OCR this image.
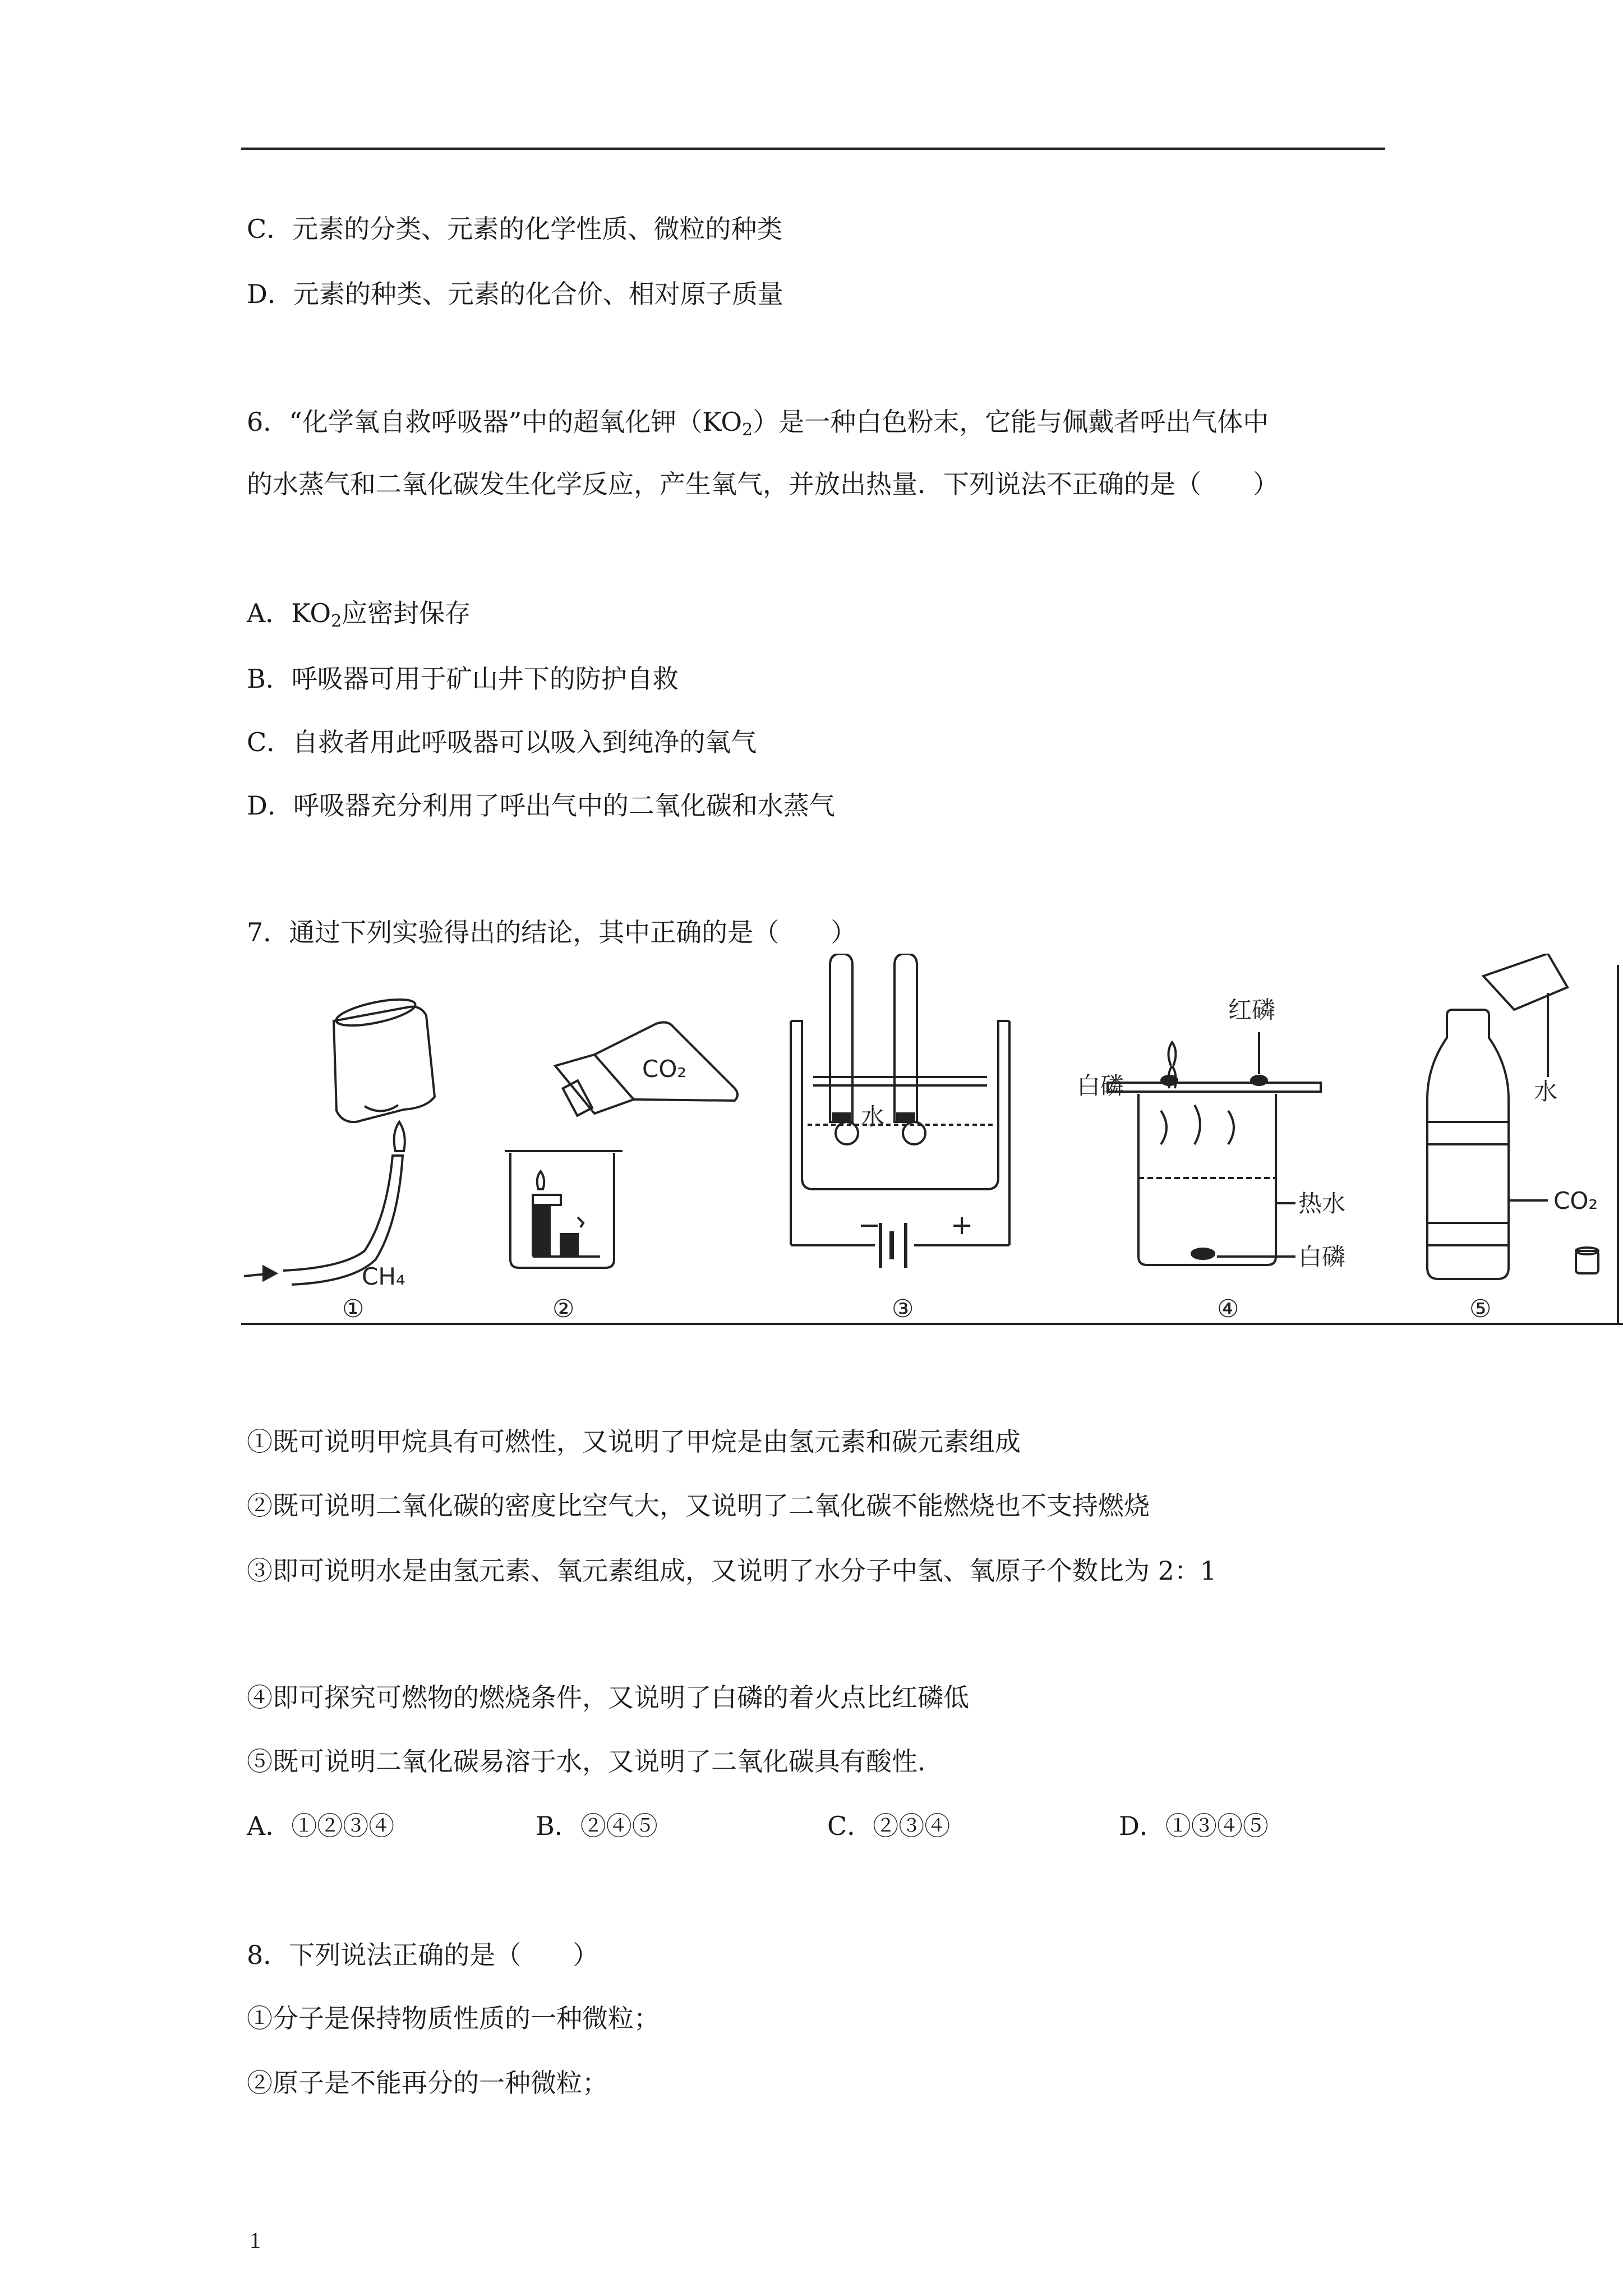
C．元素的分类、元素的化学性质、微粒的种类
D．元素的种类、元素的化合价、相对原子质量
6．“化学氧自救呼吸器”中的超氧化钾$(KO_2)$是一种白色粉末，它能与佩戴者呼出气体中
的水蒸气和二氧化碳发生化学反应，产生氧气，并放出热量．下列说法不正确的是（　　）
A．$KO_2$应密封保存
B．呼吸器可用于矿山井下的防护自救
C．自救者用此呼吸器可以吸入到纯净的氧气
D．呼吸器充分利用了呼出气中的二氧化碳和水蒸气
7．通过下列实验得出的结论，其中正确的是（　　）
CH₄
CO₂
水
−	+
红磷
白磷
热水
白磷
水
CO₂
①	②	③	④	⑤
①既可说明甲烷具有可燃性，又说明了甲烷是由氢元素和碳元素组成
②既可说明二氧化碳的密度比空气大，又说明了二氧化碳不能燃烧也不支持燃烧
③即可说明水是由氢元素、氧元素组成，又说明了水分子中氢、氧原子个数比为 2：1
④即可探究可燃物的燃烧条件，又说明了白磷的着火点比红磷低
⑤既可说明二氧化碳易溶于水，又说明了二氧化碳具有酸性．
A．①②③④	B．②④⑤	C．②③④	D．①③④⑤
8．下列说法正确的是（　　）
①分子是保持物质性质的一种微粒；
②原子是不能再分的一种微粒；
1
